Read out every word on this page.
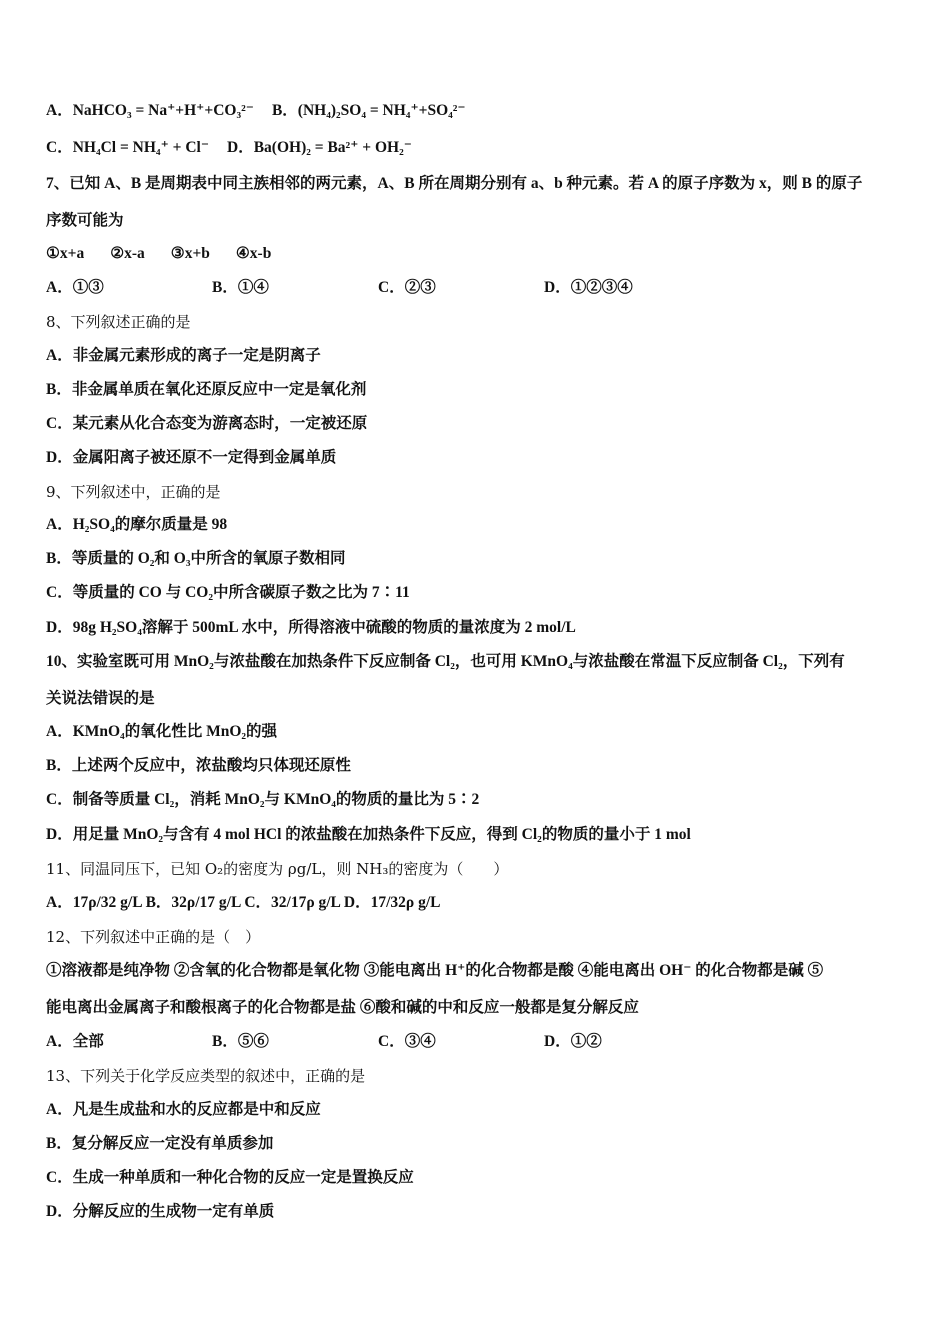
A．NaHCO₃ = Na⁺+H⁺+CO₃²⁻ B．(NH₄)₂SO₄ = NH₄⁺+SO₄²⁻
C．NH₄Cl = NH₄⁺ + Cl⁻ D．Ba(OH)₂ = Ba²⁺ + OH₂⁻
7、已知 A、B 是周期表中同主族相邻的两元素，A、B 所在周期分别有 a、b 种元素。若 A 的原子序数为 x，则 B 的原子
序数可能为
①x+a ②x-a ③x+b ④x-b
A．①③	B．①④	C．②③	D．①②③④
8、下列叙述正确的是
A．非金属元素形成的离子一定是阴离子
B．非金属单质在氧化还原反应中一定是氧化剂
C．某元素从化合态变为游离态时，一定被还原
D．金属阳离子被还原不一定得到金属单质
9、下列叙述中，正确的是
A．H₂SO₄的摩尔质量是 98
B．等质量的 O₂和 O₃中所含的氧原子数相同
C．等质量的 CO 与 CO₂中所含碳原子数之比为 7∶11
D．98g H₂SO₄溶解于 500mL 水中，所得溶液中硫酸的物质的量浓度为 2 mol/L
10、实验室既可用 MnO₂与浓盐酸在加热条件下反应制备 Cl₂，也可用 KMnO₄与浓盐酸在常温下反应制备 Cl₂，下列有
关说法错误的是
A．KMnO₄的氧化性比 MnO₂的强
B．上述两个反应中，浓盐酸均只体现还原性
C．制备等质量 Cl₂，消耗 MnO₂与 KMnO₄的物质的量比为 5∶2
D．用足量 MnO₂与含有 4 mol HCl 的浓盐酸在加热条件下反应，得到 Cl₂的物质的量小于 1 mol
11、同温同压下，已知 O₂的密度为 ρg/L，则 NH₃的密度为（　　）
A．17ρ/32 g/L B．32ρ/17 g/L C．32/17ρ g/L D．17/32ρ g/L
12、下列叙述中正确的是（　）
①溶液都是纯净物 ②含氧的化合物都是氧化物 ③能电离出 H⁺的化合物都是酸 ④能电离出 OH⁻ 的化合物都是碱 ⑤
能电离出金属离子和酸根离子的化合物都是盐 ⑥酸和碱的中和反应一般都是复分解反应
A．全部	B．⑤⑥	C．③④	D．①②
13、下列关于化学反应类型的叙述中，正确的是
A．凡是生成盐和水的反应都是中和反应
B．复分解反应一定没有单质参加
C．生成一种单质和一种化合物的反应一定是置换反应
D．分解反应的生成物一定有单质
